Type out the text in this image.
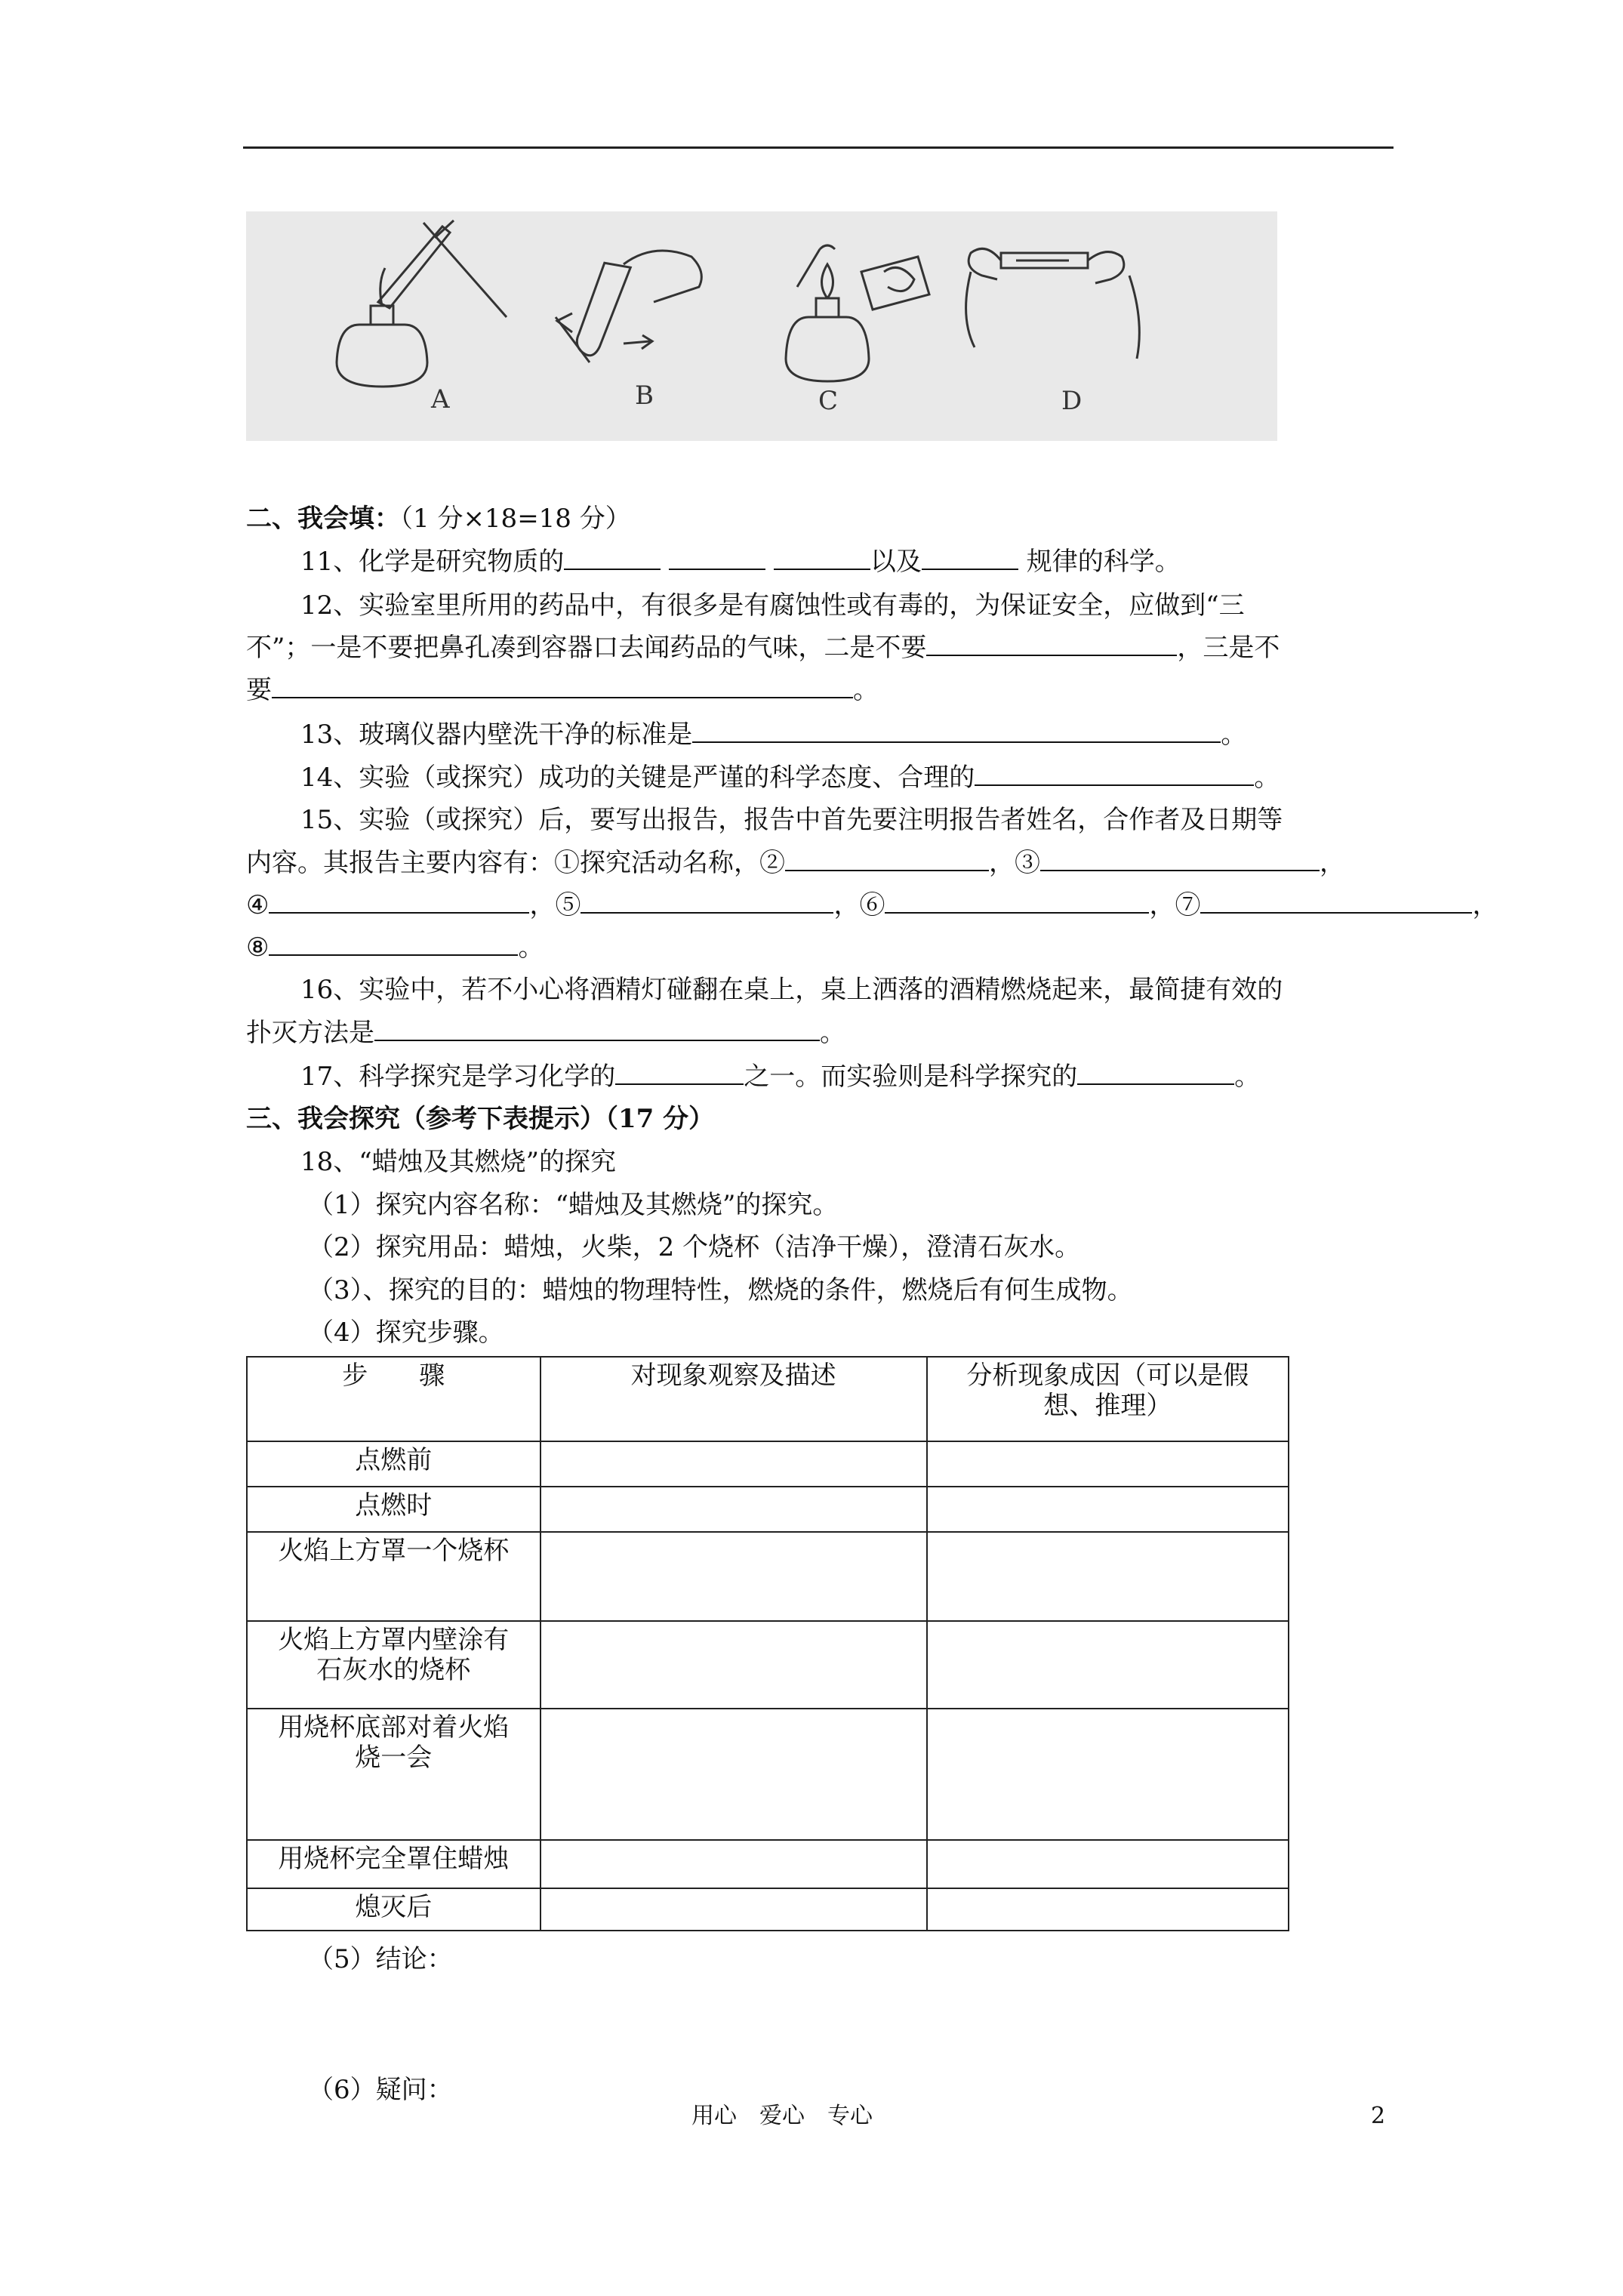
A	B	C	D
二、我会填：（1 分×18=18 分）
11、化学是研究物质的	以及	规律的科学。
12、实验室里所用的药品中，有很多是有腐蚀性或有毒的，为保证安全，应做到“三
不”；一是不要把鼻孔凑到容器口去闻药品的气味，二是不要	，三是不
要	。
13、玻璃仪器内壁洗干净的标准是	。
14、实验（或探究）成功的关键是严谨的科学态度、合理的	。
15、实验（或探究）后，要写出报告，报告中首先要注明报告者姓名，合作者及日期等
内容。其报告主要内容有：①探究活动名称，②	，③	，
④	，⑤	，⑥	，⑦	，
⑧	。
16、实验中，若不小心将酒精灯碰翻在桌上，桌上洒落的酒精燃烧起来，最简捷有效的
扑灭方法是	。
17、科学探究是学习化学的	之一。而实验则是科学探究的	。
三、我会探究（参考下表提示）（17 分）
18、“蜡烛及其燃烧”的探究
（1）探究内容名称：“蜡烛及其燃烧”的探究。
（2）探究用品：蜡烛，火柴，2 个烧杯（洁净干燥），澄清石灰水。
（3）、探究的目的：蜡烛的物理特性，燃烧的条件，燃烧后有何生成物。
（4）探究步骤。
步　　骤	对现象观察及描述	分析现象成因（可以是假想、推理）
点燃前		
点燃时		
火焰上方罩一个烧杯		
火焰上方罩内壁涂有石灰水的烧杯		
用烧杯底部对着火焰烧一会		
用烧杯完全罩住蜡烛		
熄灭后		
（5）结论：
（6）疑问：
用心　爱心　专心	2
